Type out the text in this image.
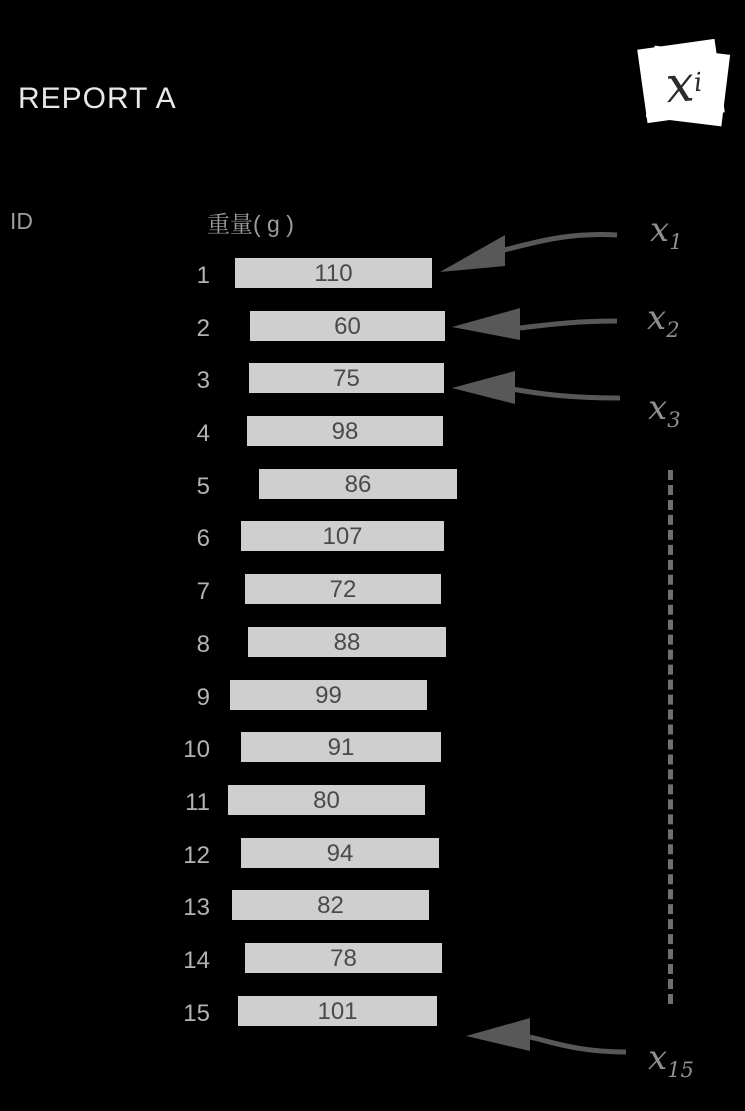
REPORT A	x
i
ID	重量( g )
1	110
2	60
3	75
4	98
5	86
6	107
7	72
8	88
9	99
10	91
11	80
12	94
13	82
14	78
15	101
$x_1$
$x_2$
$x_3$
$x_{15}$
